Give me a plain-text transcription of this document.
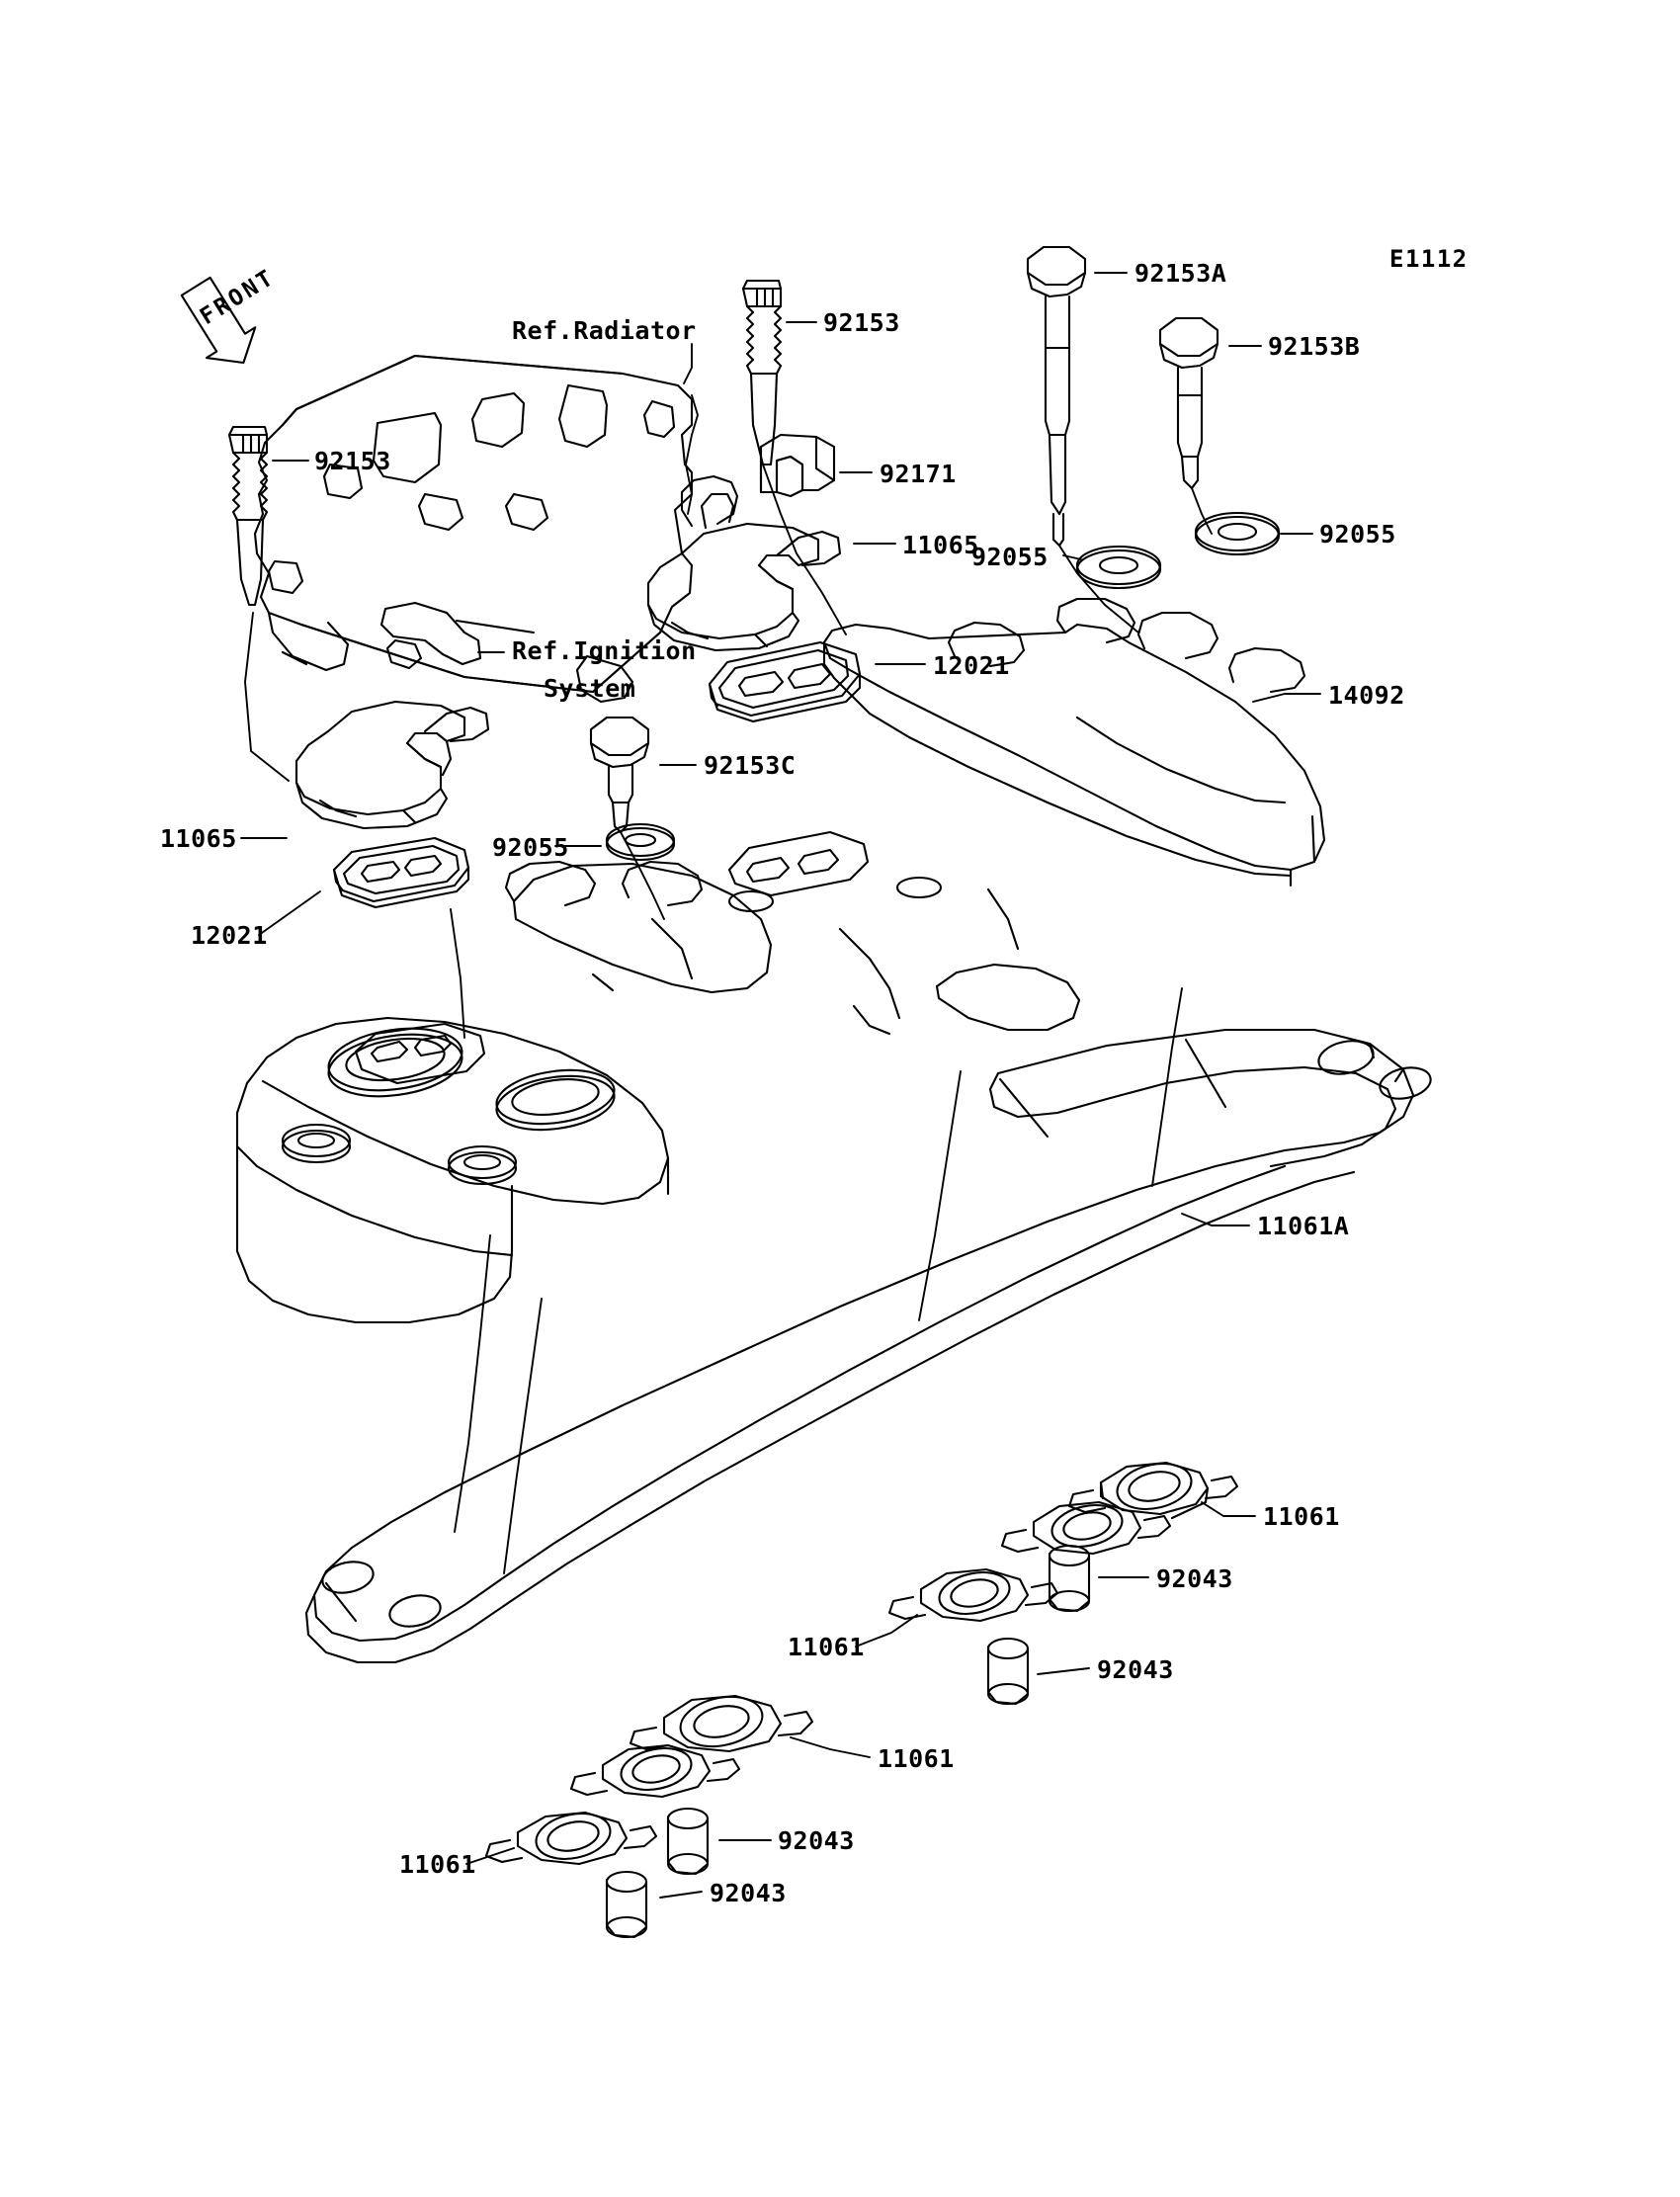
E1112
Ref.Radiator
Ref.Ignition
System
92153
92153
92153A
92153B
92171
11065	92055
92055
14092
12021
92153C
92055
11065
12021
11061A
11061
92043
11061
92043
11061
92043
11061
92043
FRONT
